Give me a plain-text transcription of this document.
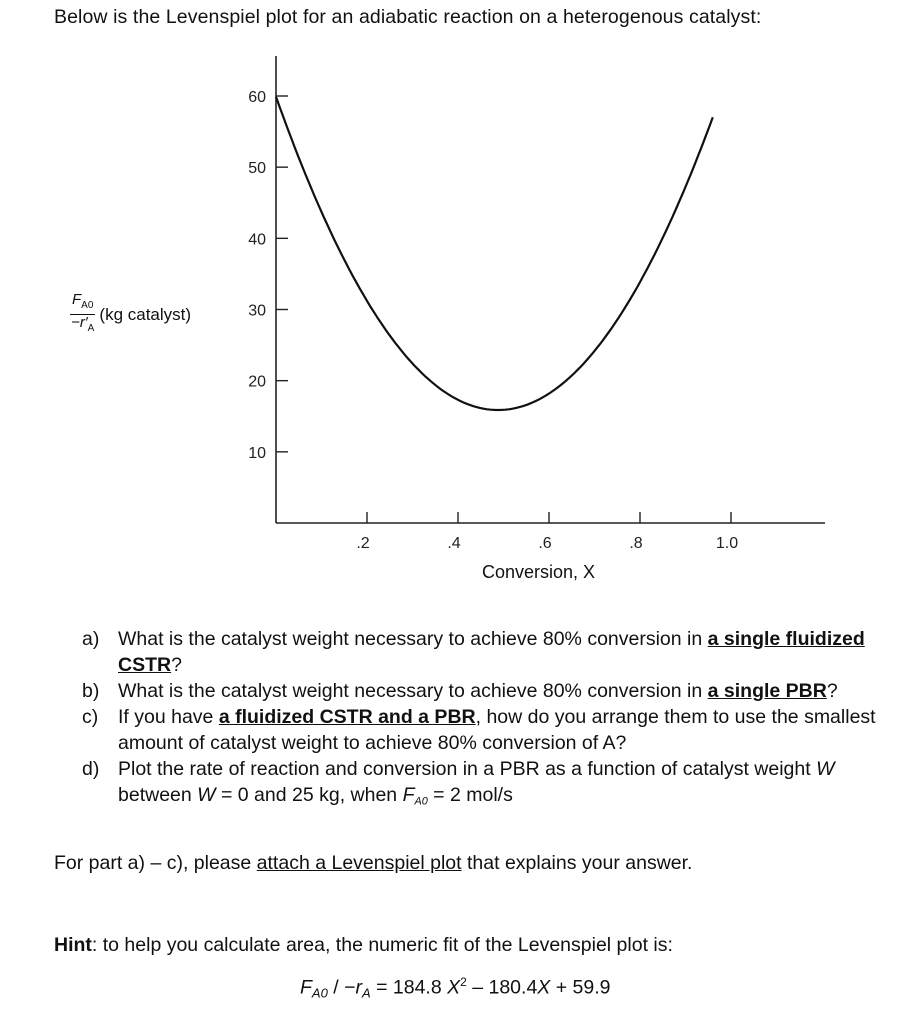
Below is the Levenspiel plot for an adiabatic reaction on a heterogenous catalyst:
10
20
30
40
50
60
.2	.4	.6	.8	1.0
$\frac{F_{A0}}{-r'_A} (kg$ catalyst)
Conversion, X
a) What is the catalyst weight necessary to achieve 80% conversion in a single fluidized CSTR?
b) What is the catalyst weight necessary to achieve 80% conversion in a single PBR?
c) If you have a fluidized CSTR and a PBR, how do you arrange them to use the smallest amount of catalyst weight to achieve 80% conversion of A?
d) Plot the rate of reaction and conversion in a PBR as a function of catalyst weight W between W = 0 and 25 kg, when $F_{A0} = 2$ mol/s
For part a) – c), please attach a Levenspiel plot that explains your answer.
Hint: to help you calculate area, the numeric fit of the Levenspiel plot is:
$F_{A0} / -r_A = 184.8$ $X^2 - 180.4X + 59.9$
